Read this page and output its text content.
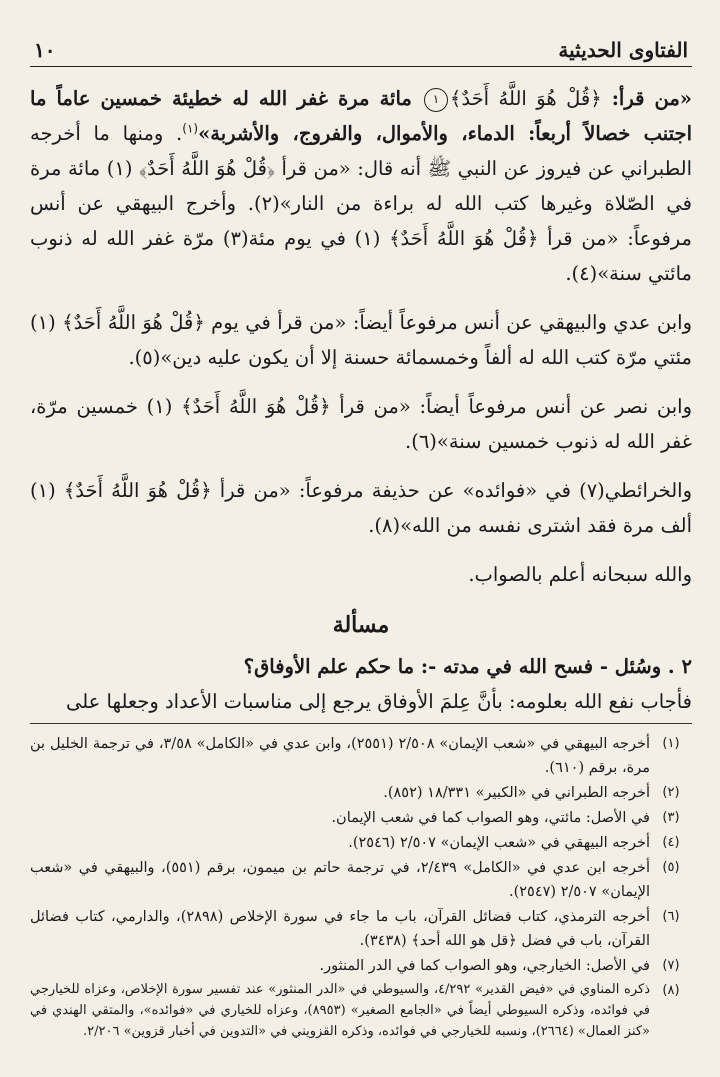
الفتاوى الحديثية
١٠

«من قرأ: ﴿قُلْ هُوَ اللَّهُ أَحَدٌ﴾١ مائة مرة غفر الله له خطيئة خمسين عاماً ما اجتنب خصالاً أربعاً: الدماء، والأموال، والفروج، والأشربة»$^{(١)}$. ومنها ما أخرجه الطبراني عن فيروز عن النبي ﷺ أنه قال: «من قرأ ﴿قُلْ هُوَ اللَّهُ أَحَدٌ﴾ (١) مائة مرة في الصّلاة وغيرها كتب الله له براءة من النار»(٢). وأخرج البيهقي عن أنس مرفوعاً: «من قرأ ﴿قُلْ هُوَ اللَّهُ أَحَدٌ﴾ (١) في يوم مئة(٣) مرّة غفر الله له ذنوب مائتي سنة»(٤).

وابن عدي والبيهقي عن أنس مرفوعاً أيضاً: «من قرأ في يوم ﴿قُلْ هُوَ اللَّهُ أَحَدٌ﴾ (١) مئتي مرّة كتب الله له ألفاً وخمسمائة حسنة إلا أن يكون عليه دين»(٥).

وابن نصر عن أنس مرفوعاً أيضاً: «من قرأ ﴿قُلْ هُوَ اللَّهُ أَحَدٌ﴾ (١) خمسين مرّة، غفر الله له ذنوب خمسين سنة»(٦).

والخرائطي(٧) في «فوائده» عن حذيفة مرفوعاً: «من قرأ ﴿قُلْ هُوَ اللَّهُ أَحَدٌ﴾ (١) ألف مرة فقد اشترى نفسه من الله»(٨).

والله سبحانه أعلم بالصواب.

مسألة

٢ . وسُئل - فسح الله في مدته -: ما حكم علم الأوفاق؟

فأجاب نفع الله بعلومه: بأنَّ عِلمَ الأوفاق يرجع إلى مناسبات الأعداد وجعلها على

(١)
أخرجه البيهقي في «شعب الإيمان» ٢/٥٠٨ (٢٥٥١)، وابن عدي في «الكامل» ٣/٥٨، في ترجمة الخليل بن مرة، برقم (٦١٠).
(٢)
أخرجه الطبراني في «الكبير» ١٨/٣٣١ (٨٥٢).
(٣)
في الأصل: مائتي، وهو الصواب كما في شعب الإيمان.
(٤)
أخرجه البيهقي في «شعب الإيمان» ٢/٥٠٧ (٢٥٤٦).
(٥)
أخرجه ابن عدي في «الكامل» ٢/٤٣٩، في ترجمة حاتم بن ميمون، برقم (٥٥١)، والبيهقي في «شعب الإيمان» ٢/٥٠٧ (٢٥٤٧).
(٦)
أخرجه الترمذي، كتاب فضائل القرآن، باب ما جاء في سورة الإخلاص (٢٨٩٨)، والدارمي، كتاب فضائل القرآن، باب في فضل ﴿قل هو الله أحد﴾ (٣٤٣٨).
(٧)
في الأصل: الخيارجي، وهو الصواب كما في الدر المنثور.
(٨)
ذكره المناوي في «فيض القدير» ٤/٢٩٢، والسيوطي في «الدر المنثور» عند تفسير سورة الإخلاص، وعزاه للخيارجي في فوائده، وذكره السيوطي أيضاً في «الجامع الصغير» (٨٩٥٣)، وعزاه للخياري في «فوائده»، والمتقي الهندي في «كنز العمال» (٢٦٦٤)، ونسبه للخيارجي في فوائده، وذكره القزويني في «التدوين في أخبار قزوين» ٢/٢٠٦.
